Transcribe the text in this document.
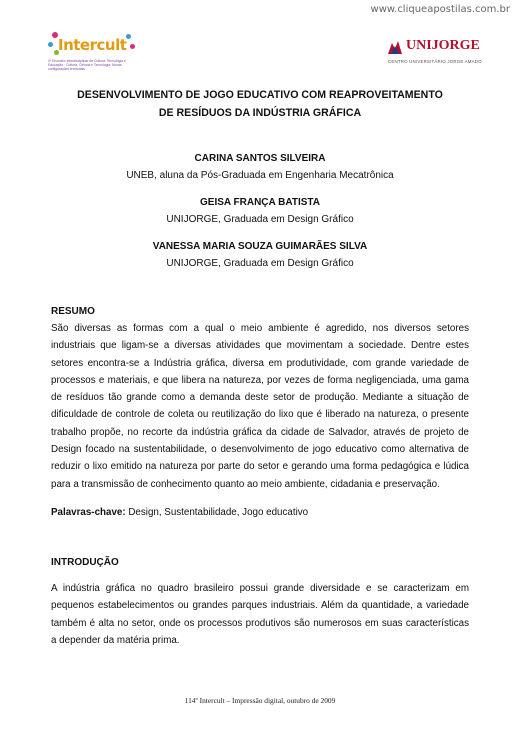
www.cliqueapostilas.com.br
Intercult
4º Encontro Interdisciplinar de Cultura, Tecnologia e Educação · Cultura, Ciência e Tecnologia: Novas configurações territoriais
UNIJORGE
CENTRO UNIVERSITÁRIO JORGE AMADO
DESENVOLVIMENTO DE JOGO EDUCATIVO COM REAPROVEITAMENTO
DE RESÍDUOS DA INDÚSTRIA GRÁFICA
CARINA SANTOS SILVEIRA
UNEB, aluna da Pós-Graduada em Engenharia Mecatrônica
GEISA FRANÇA BATISTA
UNIJORGE, Graduada em Design Gráfico
VANESSA MARIA SOUZA GUIMARÃES SILVA
UNIJORGE, Graduada em Design Gráfico
RESUMO

São diversas as formas com a qual o meio ambiente é agredido, nos diversos setores industriais que ligam-se a diversas atividades que movimentam a sociedade. Dentre estes setores encontra-se a Indústria gráfica, diversa em produtividade, com grande variedade de processos e materiais, e que libera na natureza, por vezes de forma negligenciada, uma gama de resíduos tão grande como a demanda deste setor de produção. Mediante a situação de dificuldade de controle de coleta ou reutilização do lixo que é liberado na natureza, o presente trabalho propõe, no recorte da indústria gráfica da cidade de Salvador, através de projeto de Design focado na sustentabilidade, o desenvolvimento de jogo educativo como alternativa de reduzir o lixo emitido na natureza por parte do setor e gerando uma forma pedagógica e lúdica para a transmissão de conhecimento quanto ao meio ambiente, cidadania e preservação.

Palavras-chave: Design, Sustentabilidade, Jogo educativo
INTRODUÇÃO

A indústria gráfica no quadro brasileiro possui grande diversidade e se caracterizam em pequenos estabelecimentos ou grandes parques industriais. Além da quantidade, a variedade também é alta no setor, onde os processos produtivos são numerosos em suas características a depender da matéria prima.

114º Intercult – Impressão digital, outubro de 2009
